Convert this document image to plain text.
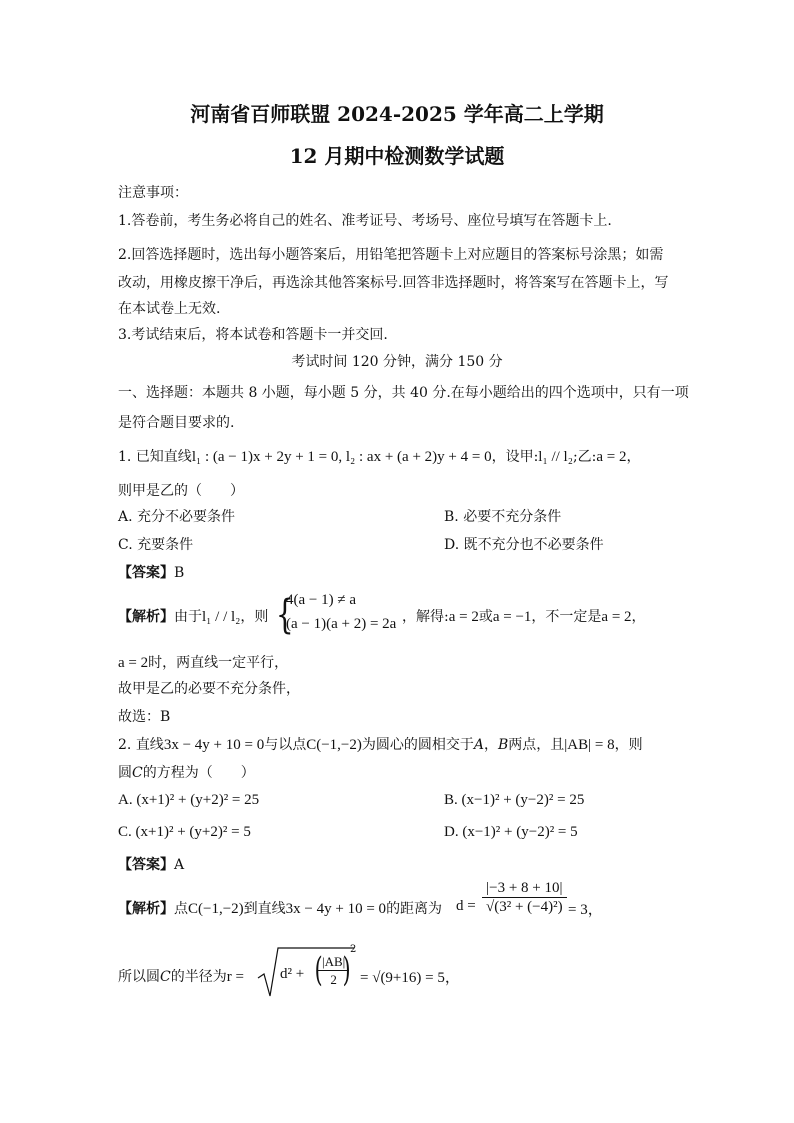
河南省百师联盟 2024-2025 学年高二上学期
12 月期中检测数学试题
注意事项：
1.答卷前，考生务必将自己的姓名、准考证号、考场号、座位号填写在答题卡上.
2.回答选择题时，选出每小题答案后，用铅笔把答题卡上对应题目的答案标号涂黑；如需
改动，用橡皮擦干净后，再选涂其他答案标号.回答非选择题时，将答案写在答题卡上，写
在本试卷上无效.
3.考试结束后，将本试卷和答题卡一并交回.
考试时间 120 分钟，满分 150 分
一、选择题：本题共 8 小题，每小题 5 分，共 40 分.在每小题给出的四个选项中，只有一项
是符合题目要求的.
1. 已知直线l₁ : (a − 1)x + 2y + 1 = 0, l₂ : ax + (a + 2)y + 4 = 0，设甲:l₁ // l₂;乙:a = 2，
则甲是乙的（　　）
A. 充分不必要条件	B. 必要不充分条件
C. 充要条件	D. 既不充分也不必要条件
【答案】B
【解析】由于l₁ / / l₂，则 {
4(a − 1) ≠ a
(a − 1)(a + 2) = 2a ，解得:a = 2或a = −1，不一定是a = 2，
a = 2时，两直线一定平行，
故甲是乙的必要不充分条件，
故选：B
2. 直线3x − 4y + 10 = 0与以点C(−1,−2)为圆心的圆相交于A，B两点，且|AB| = 8，则
圆C的方程为（　　）
A. (x+1)² + (y+2)² = 25	B. (x−1)² + (y−2)² = 25
C. (x+1)² + (y+2)² = 5	D. (x−1)² + (y−2)² = 5
【答案】A
【解析】点C(−1,−2)到直线3x − 4y + 10 = 0的距离为 $d = \frac{|-3 + 8 + 10|}{\text{√(3² + (−4)²)}} = 3$，
所以圆C的半径为r = d² + (
$\frac{|AB|}{2}$
)
2
= √(9+16) = 5，
